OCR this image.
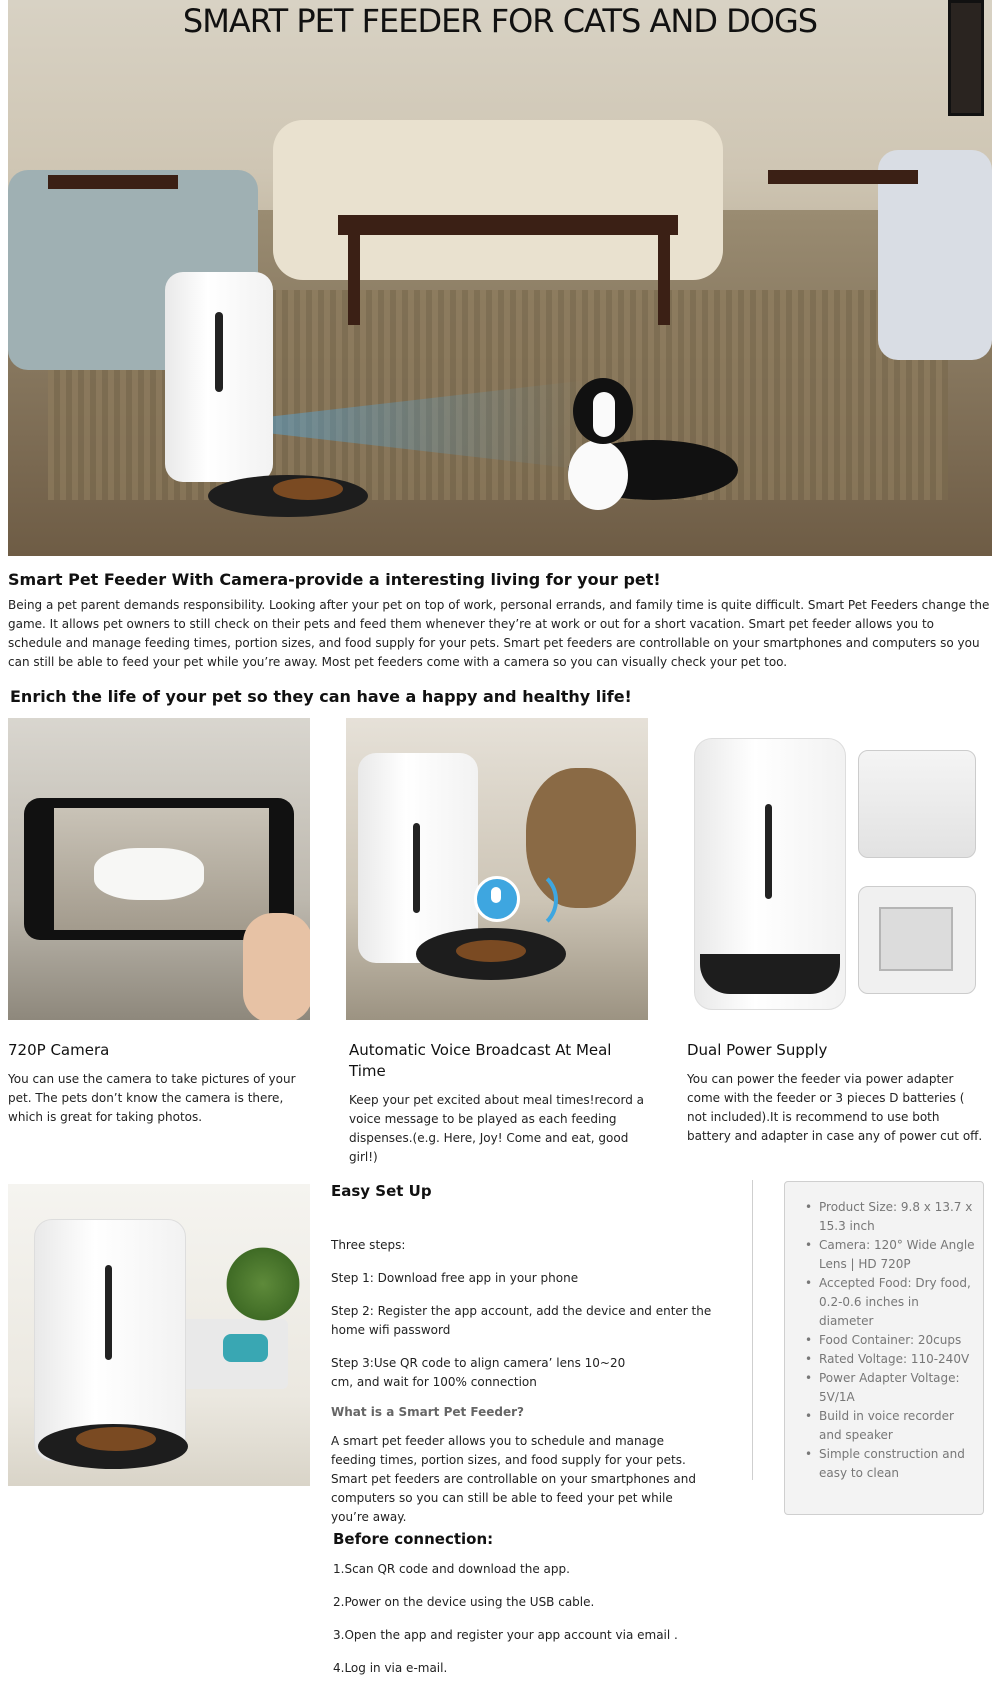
SMART PET FEEDER FOR CATS AND DOGS
Smart Pet Feeder With Camera-provide a interesting living for your pet!

Being a pet parent demands responsibility. Looking after your pet on top of work, personal errands, and family time is quite difficult. Smart Pet Feeders change the game. It allows pet owners to still check on their pets and feed them whenever they’re at work or out for a short vacation. Smart pet feeder allows you to schedule and manage feeding times, portion sizes, and food supply for your pets. Smart pet feeders are controllable on your smartphones and computers so you can still be able to feed your pet while you’re away. Most pet feeders come with a camera so you can visually check your pet too.

Enrich the life of your pet so they can have a happy and healthy life!
720P Camera
You can use the camera to take pictures of your pet. The pets don’t know the camera is there, which is great for taking photos.
Automatic Voice Broadcast At Meal Time
Keep your pet excited about meal times!record a voice message to be played as each feeding dispenses.(e.g. Here, Joy! Come and eat, good girl!)
Dual Power Supply
You can power the feeder via power adapter come with the feeder or 3 pieces D batteries ( not included).It is recommend to use both battery and adapter in case any of power cut off.
Easy Set Up
Three steps:
Step 1: Download free app in your phone
Step 2: Register the app account, add the device and enter the home wifi password
Step 3:Use QR code to align camera’ lens 10~20 cm, and wait for 100% connection
What is a Smart Pet Feeder?
A smart pet feeder allows you to schedule and manage feeding times, portion sizes, and food supply for your pets. Smart pet feeders are controllable on your smartphones and computers so you can still be able to feed your pet while you’re away.
• Product Size: 9.8 x 13.7 x 15.3 inch
• Camera: 120° Wide Angle Lens | HD 720P
• Accepted Food: Dry food, 0.2-0.6 inches in diameter
• Food Container: 20cups
• Rated Voltage: 110-240V
• Power Adapter Voltage: 5V/1A
• Build in voice recorder and speaker
• Simple construction and easy to clean
Before connection:
1.Scan QR code and download the app.
2.Power on the device using the USB cable.
3.Open the app and register your app account via email .
4.Log in via e-mail.
